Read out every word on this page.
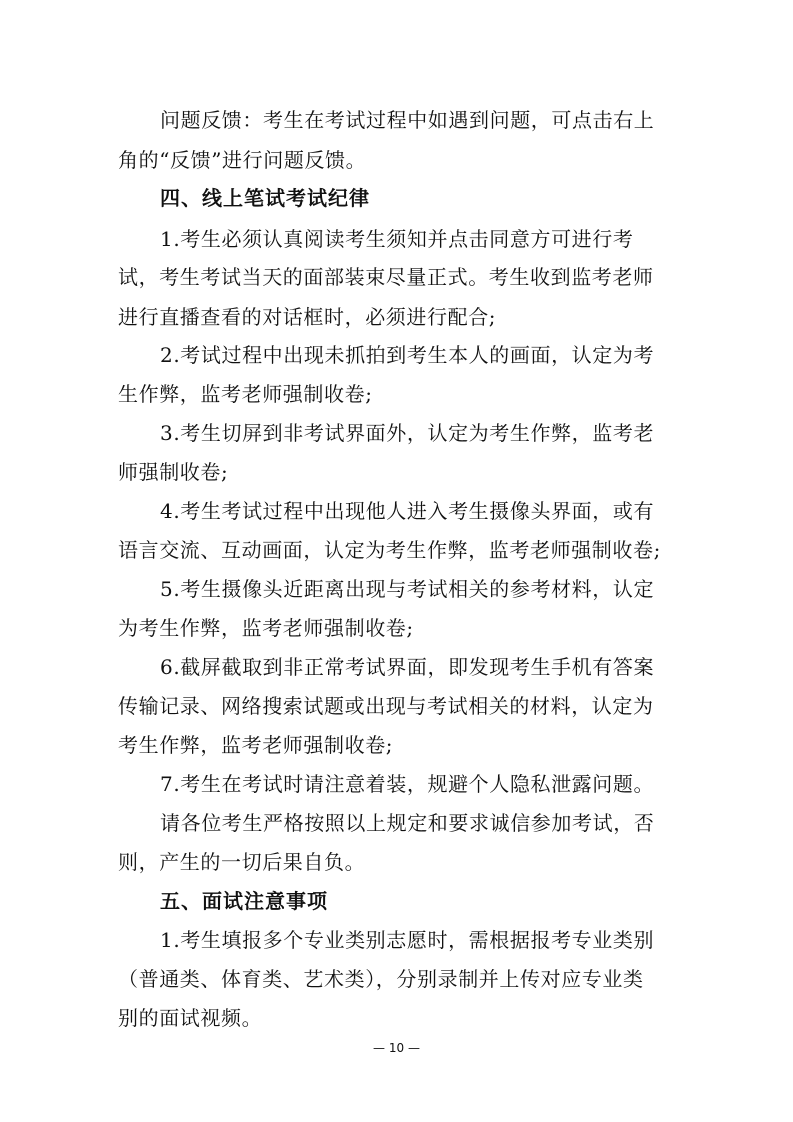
问题反馈：考生在考试过程中如遇到问题，可点击右上
角的“反馈”进行问题反馈。
四、线上笔试考试纪律
1.考生必须认真阅读考生须知并点击同意方可进行考
试，考生考试当天的面部装束尽量正式。考生收到监考老师
进行直播查看的对话框时，必须进行配合;
2.考试过程中出现未抓拍到考生本人的画面，认定为考
生作弊，监考老师强制收卷;
3.考生切屏到非考试界面外，认定为考生作弊，监考老
师强制收卷;
4.考生考试过程中出现他人进入考生摄像头界面，或有
语言交流、互动画面，认定为考生作弊，监考老师强制收卷;
5.考生摄像头近距离出现与考试相关的参考材料，认定
为考生作弊，监考老师强制收卷;
6.截屏截取到非正常考试界面，即发现考生手机有答案
传输记录、网络搜索试题或出现与考试相关的材料，认定为
考生作弊，监考老师强制收卷;
7.考生在考试时请注意着装，规避个人隐私泄露问题。
请各位考生严格按照以上规定和要求诚信参加考试，否
则，产生的一切后果自负。
五、面试注意事项
1.考生填报多个专业类别志愿时，需根据报考专业类别
（普通类、体育类、艺术类），分别录制并上传对应专业类
别的面试视频。
— 10 —
